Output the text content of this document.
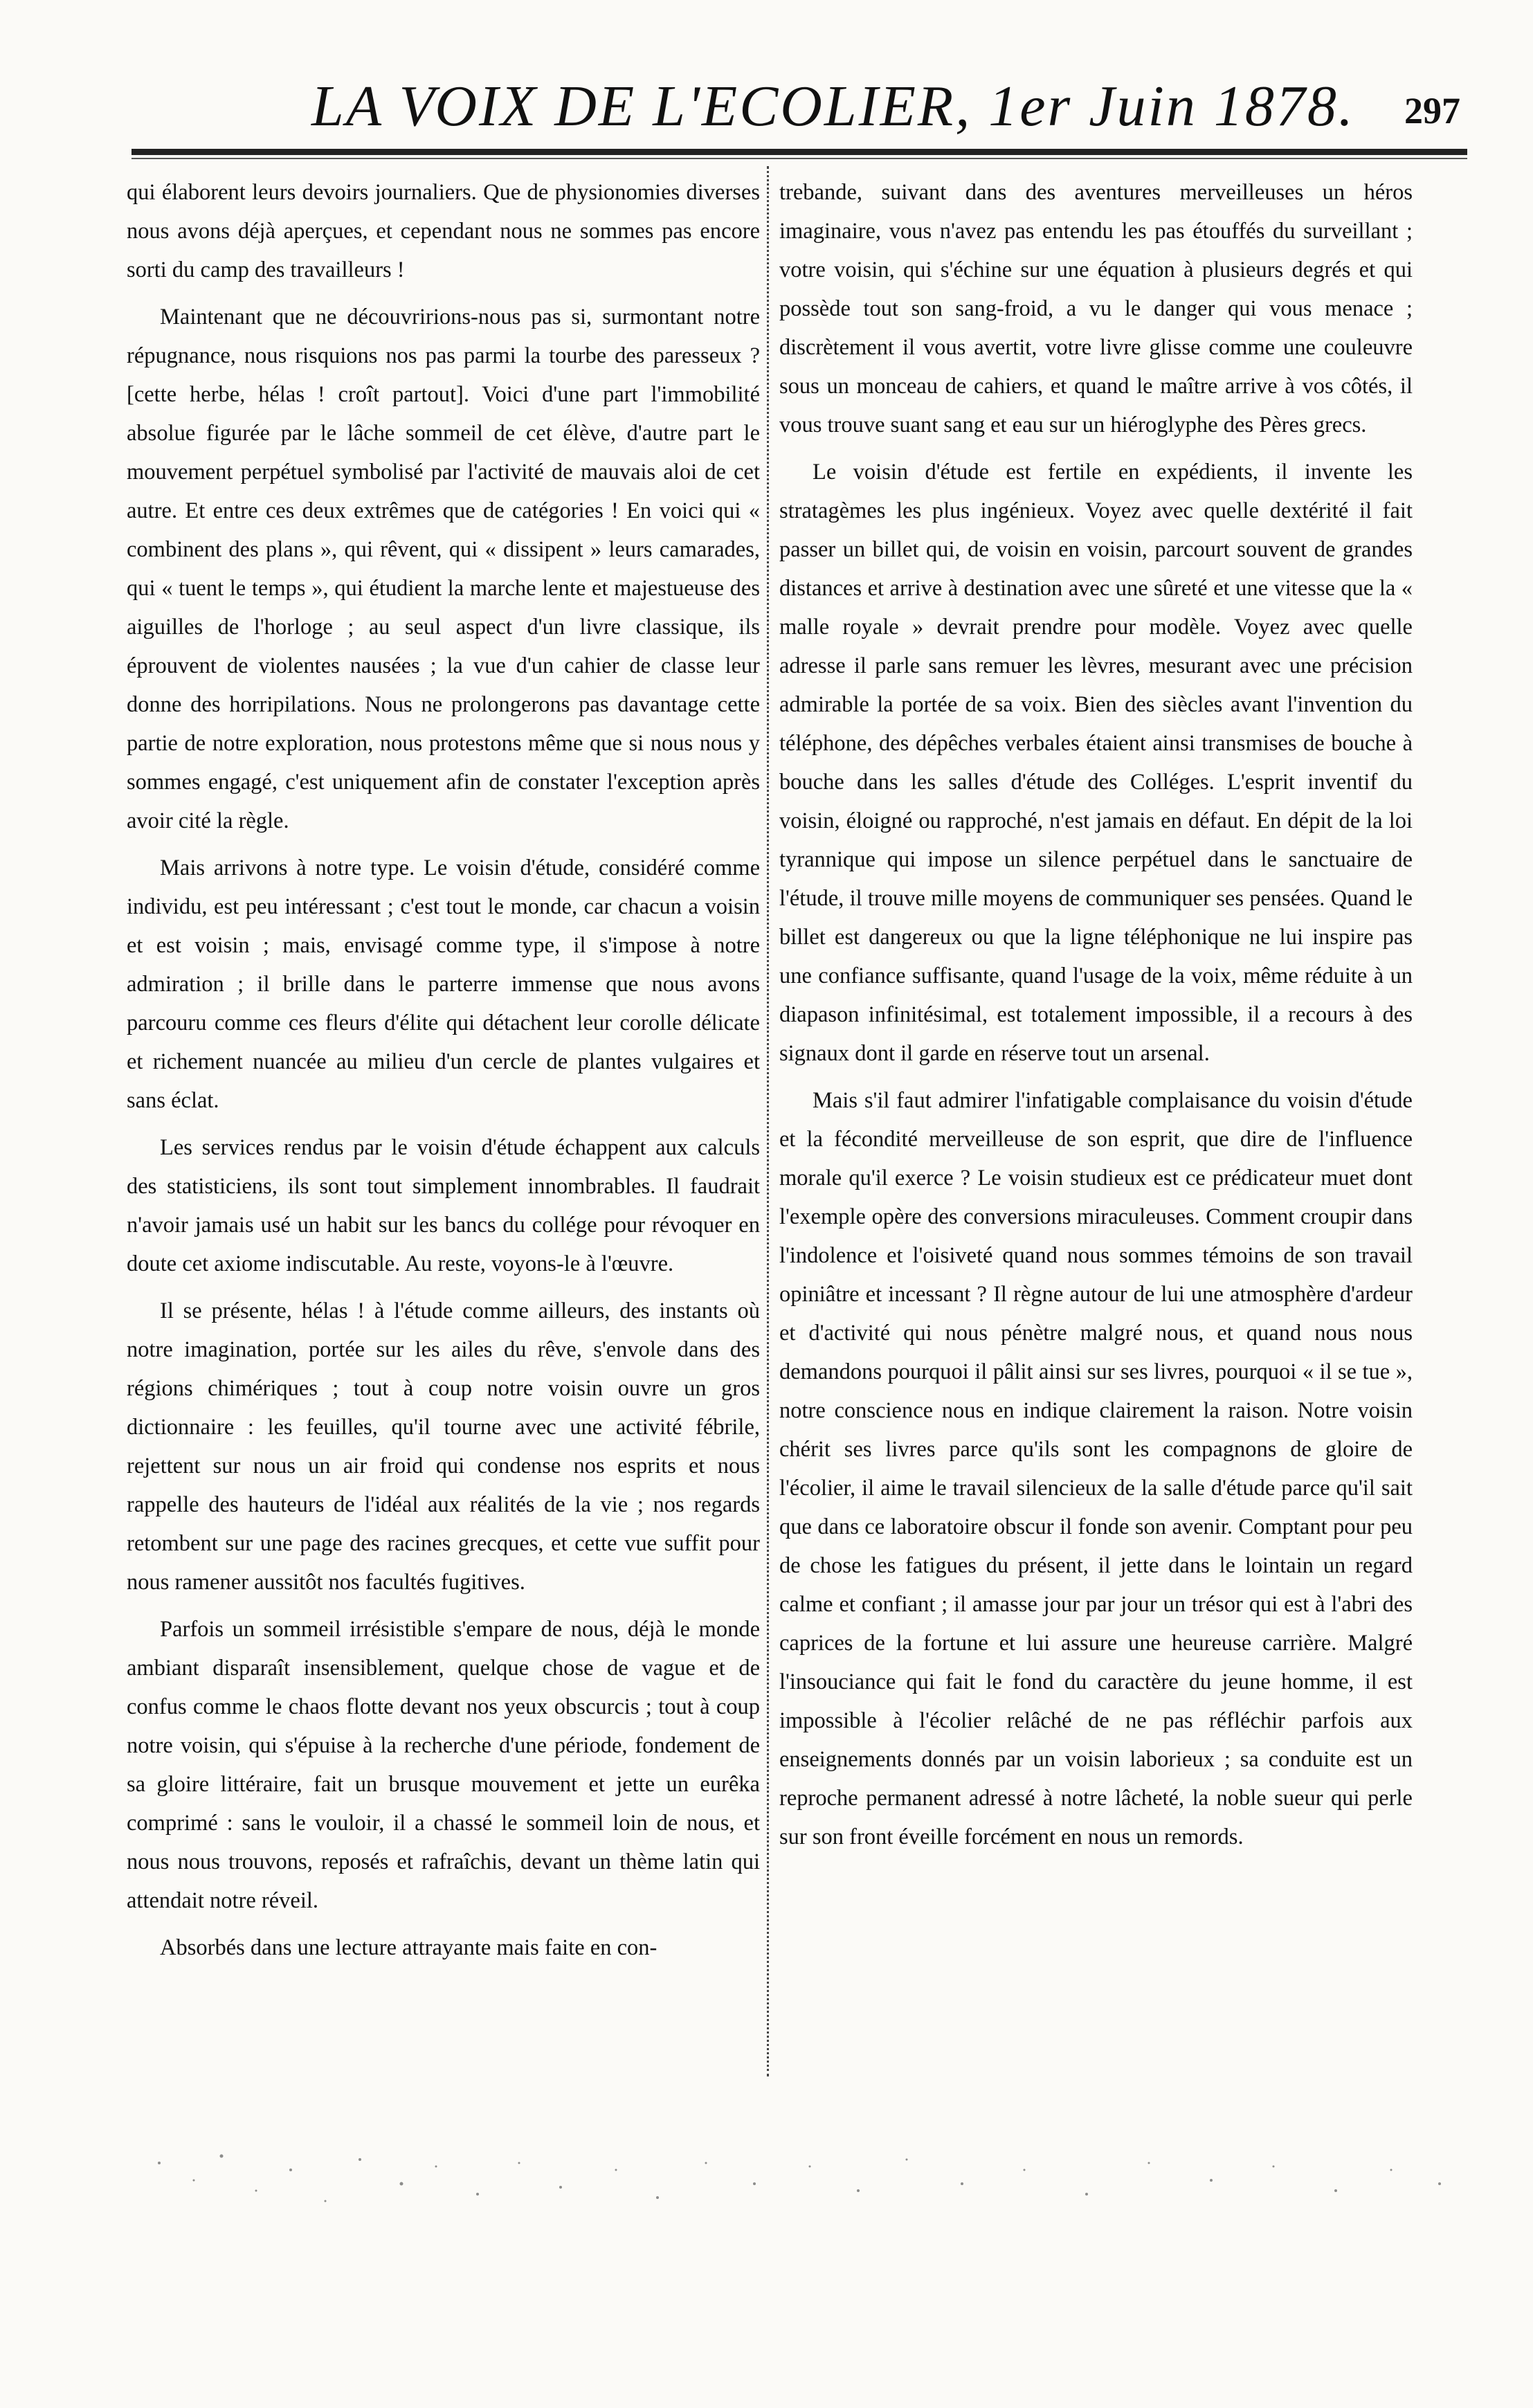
LA VOIX DE L'ECOLIER, 1er Juin 1878. 297

qui élaborent leurs devoirs journaliers. Que de physionomies diverses nous avons déjà aperçues, et cependant nous ne sommes pas encore sorti du camp des travailleurs !

Maintenant que ne découvririons-nous pas si, surmontant notre répugnance, nous risquions nos pas parmi la tourbe des paresseux ? [cette herbe, hélas ! croît partout]. Voici d'une part l'immobilité absolue figurée par le lâche sommeil de cet élève, d'autre part le mouvement perpétuel symbolisé par l'activité de mauvais aloi de cet autre. Et entre ces deux extrêmes que de catégories ! En voici qui « combinent des plans », qui rêvent, qui « dissipent » leurs camarades, qui « tuent le temps », qui étudient la marche lente et majestueuse des aiguilles de l'horloge ; au seul aspect d'un livre classique, ils éprouvent de violentes nausées ; la vue d'un cahier de classe leur donne des horripilations. Nous ne prolongerons pas davantage cette partie de notre exploration, nous protestons même que si nous nous y sommes engagé, c'est uniquement afin de constater l'exception après avoir cité la règle.

Mais arrivons à notre type. Le voisin d'étude, considéré comme individu, est peu intéressant ; c'est tout le monde, car chacun a voisin et est voisin ; mais, envisagé comme type, il s'impose à notre admiration ; il brille dans le parterre immense que nous avons parcouru comme ces fleurs d'élite qui détachent leur corolle délicate et richement nuancée au milieu d'un cercle de plantes vulgaires et sans éclat.

Les services rendus par le voisin d'étude échappent aux calculs des statisticiens, ils sont tout simplement innombrables. Il faudrait n'avoir jamais usé un habit sur les bancs du collége pour révoquer en doute cet axiome indiscutable. Au reste, voyons-le à l'œuvre.

Il se présente, hélas ! à l'étude comme ailleurs, des instants où notre imagination, portée sur les ailes du rêve, s'envole dans des régions chimériques ; tout à coup notre voisin ouvre un gros dictionnaire : les feuilles, qu'il tourne avec une activité fébrile, rejettent sur nous un air froid qui condense nos esprits et nous rappelle des hauteurs de l'idéal aux réalités de la vie ; nos regards retombent sur une page des racines grecques, et cette vue suffit pour nous ramener aussitôt nos facultés fugitives.

Parfois un sommeil irrésistible s'empare de nous, déjà le monde ambiant disparaît insensiblement, quelque chose de vague et de confus comme le chaos flotte devant nos yeux obscurcis ; tout à coup notre voisin, qui s'épuise à la recherche d'une période, fondement de sa gloire littéraire, fait un brusque mouvement et jette un eurêka comprimé : sans le vouloir, il a chassé le sommeil loin de nous, et nous nous trouvons, reposés et rafraîchis, devant un thème latin qui attendait notre réveil.

Absorbés dans une lecture attrayante mais faite en con-

trebande, suivant dans des aventures merveilleuses un héros imaginaire, vous n'avez pas entendu les pas étouffés du surveillant ; votre voisin, qui s'échine sur une équation à plusieurs degrés et qui possède tout son sang-froid, a vu le danger qui vous menace ; discrètement il vous avertit, votre livre glisse comme une couleuvre sous un monceau de cahiers, et quand le maître arrive à vos côtés, il vous trouve suant sang et eau sur un hiéroglyphe des Pères grecs.

Le voisin d'étude est fertile en expédients, il invente les stratagèmes les plus ingénieux. Voyez avec quelle dextérité il fait passer un billet qui, de voisin en voisin, parcourt souvent de grandes distances et arrive à destination avec une sûreté et une vitesse que la « malle royale » devrait prendre pour modèle. Voyez avec quelle adresse il parle sans remuer les lèvres, mesurant avec une précision admirable la portée de sa voix. Bien des siècles avant l'invention du téléphone, des dépêches verbales étaient ainsi transmises de bouche à bouche dans les salles d'étude des Colléges. L'esprit inventif du voisin, éloigné ou rapproché, n'est jamais en défaut. En dépit de la loi tyrannique qui impose un silence perpétuel dans le sanctuaire de l'étude, il trouve mille moyens de communiquer ses pensées. Quand le billet est dangereux ou que la ligne téléphonique ne lui inspire pas une confiance suffisante, quand l'usage de la voix, même réduite à un diapason infinitésimal, est totalement impossible, il a recours à des signaux dont il garde en réserve tout un arsenal.

Mais s'il faut admirer l'infatigable complaisance du voisin d'étude et la fécondité merveilleuse de son esprit, que dire de l'influence morale qu'il exerce ? Le voisin studieux est ce prédicateur muet dont l'exemple opère des conversions miraculeuses. Comment croupir dans l'indolence et l'oisiveté quand nous sommes témoins de son travail opiniâtre et incessant ? Il règne autour de lui une atmosphère d'ardeur et d'activité qui nous pénètre malgré nous, et quand nous nous demandons pourquoi il pâlit ainsi sur ses livres, pourquoi « il se tue », notre conscience nous en indique clairement la raison. Notre voisin chérit ses livres parce qu'ils sont les compagnons de gloire de l'écolier, il aime le travail silencieux de la salle d'étude parce qu'il sait que dans ce laboratoire obscur il fonde son avenir. Comptant pour peu de chose les fatigues du présent, il jette dans le lointain un regard calme et confiant ; il amasse jour par jour un trésor qui est à l'abri des caprices de la fortune et lui assure une heureuse carrière. Malgré l'insouciance qui fait le fond du caractère du jeune homme, il est impossible à l'écolier relâché de ne pas réfléchir parfois aux enseignements donnés par un voisin laborieux ; sa conduite est un reproche permanent adressé à notre lâcheté, la noble sueur qui perle sur son front éveille forcément en nous un remords.
